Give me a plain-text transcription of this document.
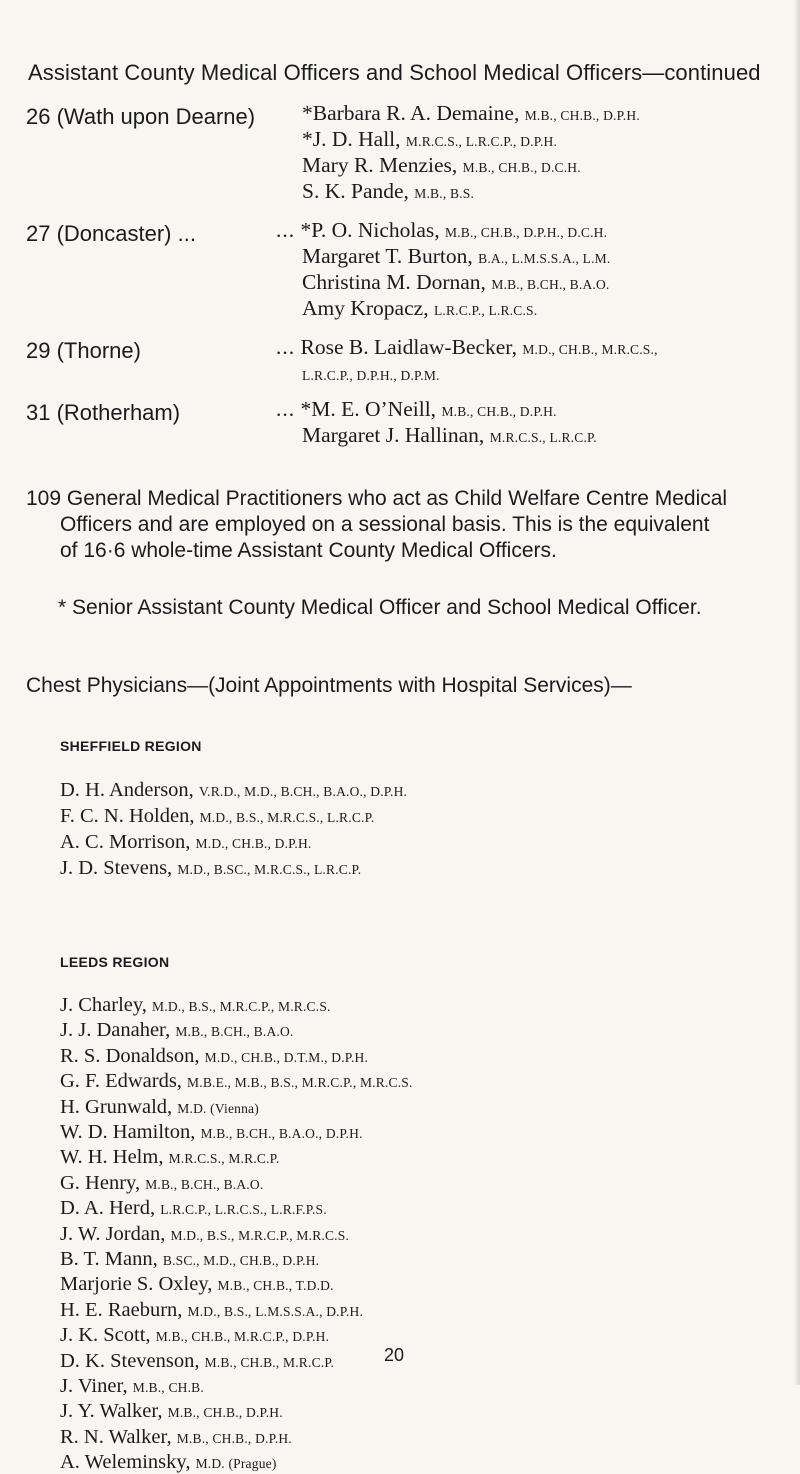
Assistant County Medical Officers and School Medical Officers—continued
26 (Wath upon Dearne) *Barbara R. A. Demaine, M.B., CH.B., D.P.H.
*J. D. Hall, M.R.C.S., L.R.C.P., D.P.H.
Mary R. Menzies, M.B., CH.B., D.C.H.
S. K. Pande, M.B., B.S.
27 (Doncaster) ...	... *P. O. Nicholas, M.B., CH.B., D.P.H., D.C.H.
Margaret T. Burton, B.A., L.M.S.S.A., L.M.
Christina M. Dornan, M.B., B.CH., B.A.O.
Amy Kropacz, L.R.C.P., L.R.C.S.
29 (Thorne)	... Rose B. Laidlaw-Becker, M.D., CH.B., M.R.C.S.,
L.R.C.P., D.P.H., D.P.M.
31 (Rotherham)	... *M. E. O’Neill, M.B., CH.B., D.P.H.
Margaret J. Hallinan, M.R.C.S., L.R.C.P.
109 General Medical Practitioners who act as Child Welfare Centre Medical
Officers and are employed on a sessional basis. This is the equivalent
of 16·6 whole-time Assistant County Medical Officers.
* Senior Assistant County Medical Officer and School Medical Officer.
Chest Physicians—(Joint Appointments with Hospital Services)—
SHEFFIELD REGION
D. H. Anderson, V.R.D., M.D., B.CH., B.A.O., D.P.H.
F. C. N. Holden, M.D., B.S., M.R.C.S., L.R.C.P.
A. C. Morrison, M.D., CH.B., D.P.H.
J. D. Stevens, M.D., B.SC., M.R.C.S., L.R.C.P.
LEEDS REGION
J. Charley, M.D., B.S., M.R.C.P., M.R.C.S.
J. J. Danaher, M.B., B.CH., B.A.O.
R. S. Donaldson, M.D., CH.B., D.T.M., D.P.H.
G. F. Edwards, M.B.E., M.B., B.S., M.R.C.P., M.R.C.S.
H. Grunwald, M.D. (Vienna)
W. D. Hamilton, M.B., B.CH., B.A.O., D.P.H.
W. H. Helm, M.R.C.S., M.R.C.P.
G. Henry, M.B., B.CH., B.A.O.
D. A. Herd, L.R.C.P., L.R.C.S., L.R.F.P.S.
J. W. Jordan, M.D., B.S., M.R.C.P., M.R.C.S.
B. T. Mann, B.SC., M.D., CH.B., D.P.H.
Marjorie S. Oxley, M.B., CH.B., T.D.D.
H. E. Raeburn, M.D., B.S., L.M.S.S.A., D.P.H.
J. K. Scott, M.B., CH.B., M.R.C.P., D.P.H.
D. K. Stevenson, M.B., CH.B., M.R.C.P.
J. Viner, M.B., CH.B.
J. Y. Walker, M.B., CH.B., D.P.H.
R. N. Walker, M.B., CH.B., D.P.H.
A. Weleminsky, M.D. (Prague)
20
